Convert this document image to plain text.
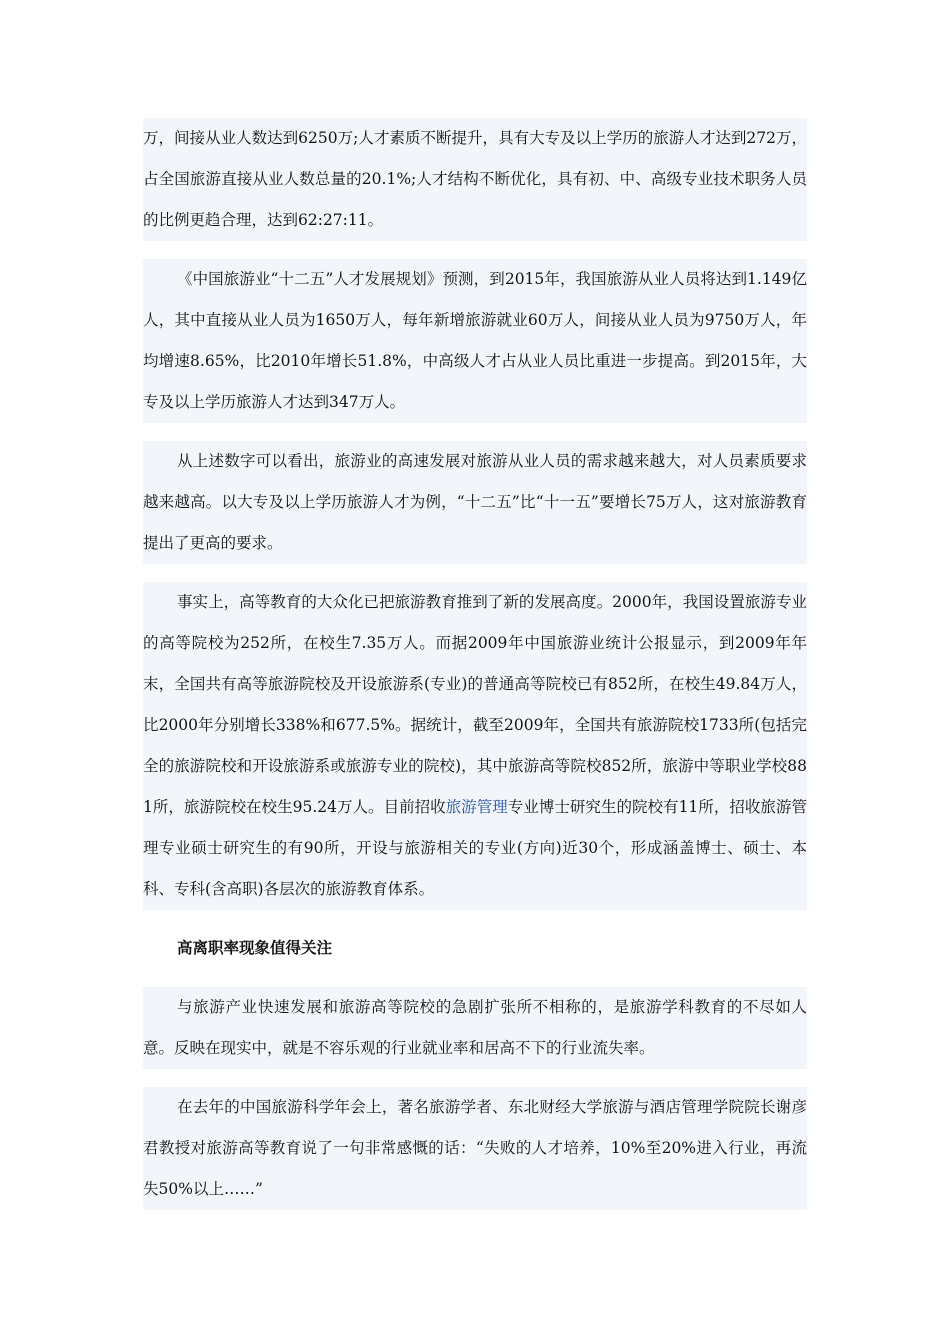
万，间接从业人数达到6250万;人才素质不断提升，具有大专及以上学历的旅游人才达到272万，占全国旅游直接从业人数总量的20.1%;人才结构不断优化，具有初、中、高级专业技术职务人员的比例更趋合理，达到62:27:11。

《中国旅游业“十二五”人才发展规划》预测，到2015年，我国旅游从业人员将达到1.149亿人，其中直接从业人员为1650万人，每年新增旅游就业60万人，间接从业人员为9750万人，年均增速8.65%，比2010年增长51.8%，中高级人才占从业人员比重进一步提高。到2015年，大专及以上学历旅游人才达到347万人。

从上述数字可以看出，旅游业的高速发展对旅游从业人员的需求越来越大，对人员素质要求越来越高。以大专及以上学历旅游人才为例，“十二五”比“十一五”要增长75万人，这对旅游教育提出了更高的要求。

事实上，高等教育的大众化已把旅游教育推到了新的发展高度。2000年，我国设置旅游专业的高等院校为252所，在校生7.35万人。而据2009年中国旅游业统计公报显示，到2009年年末，全国共有高等旅游院校及开设旅游系(专业)的普通高等院校已有852所，在校生49.84万人，比2000年分别增长338%和677.5%。据统计，截至2009年，全国共有旅游院校1733所(包括完全的旅游院校和开设旅游系或旅游专业的院校)，其中旅游高等院校852所，旅游中等职业学校881所，旅游院校在校生95.24万人。目前招收旅游管理专业博士研究生的院校有11所，招收旅游管理专业硕士研究生的有90所，开设与旅游相关的专业(方向)近30个，形成涵盖博士、硕士、本科、专科(含高职)各层次的旅游教育体系。

高离职率现象值得关注

与旅游产业快速发展和旅游高等院校的急剧扩张所不相称的，是旅游学科教育的不尽如人意。反映在现实中，就是不容乐观的行业就业率和居高不下的行业流失率。

在去年的中国旅游科学年会上，著名旅游学者、东北财经大学旅游与酒店管理学院院长谢彦君教授对旅游高等教育说了一句非常感慨的话：“失败的人才培养，10%至20%进入行业，再流失50%以上……”
